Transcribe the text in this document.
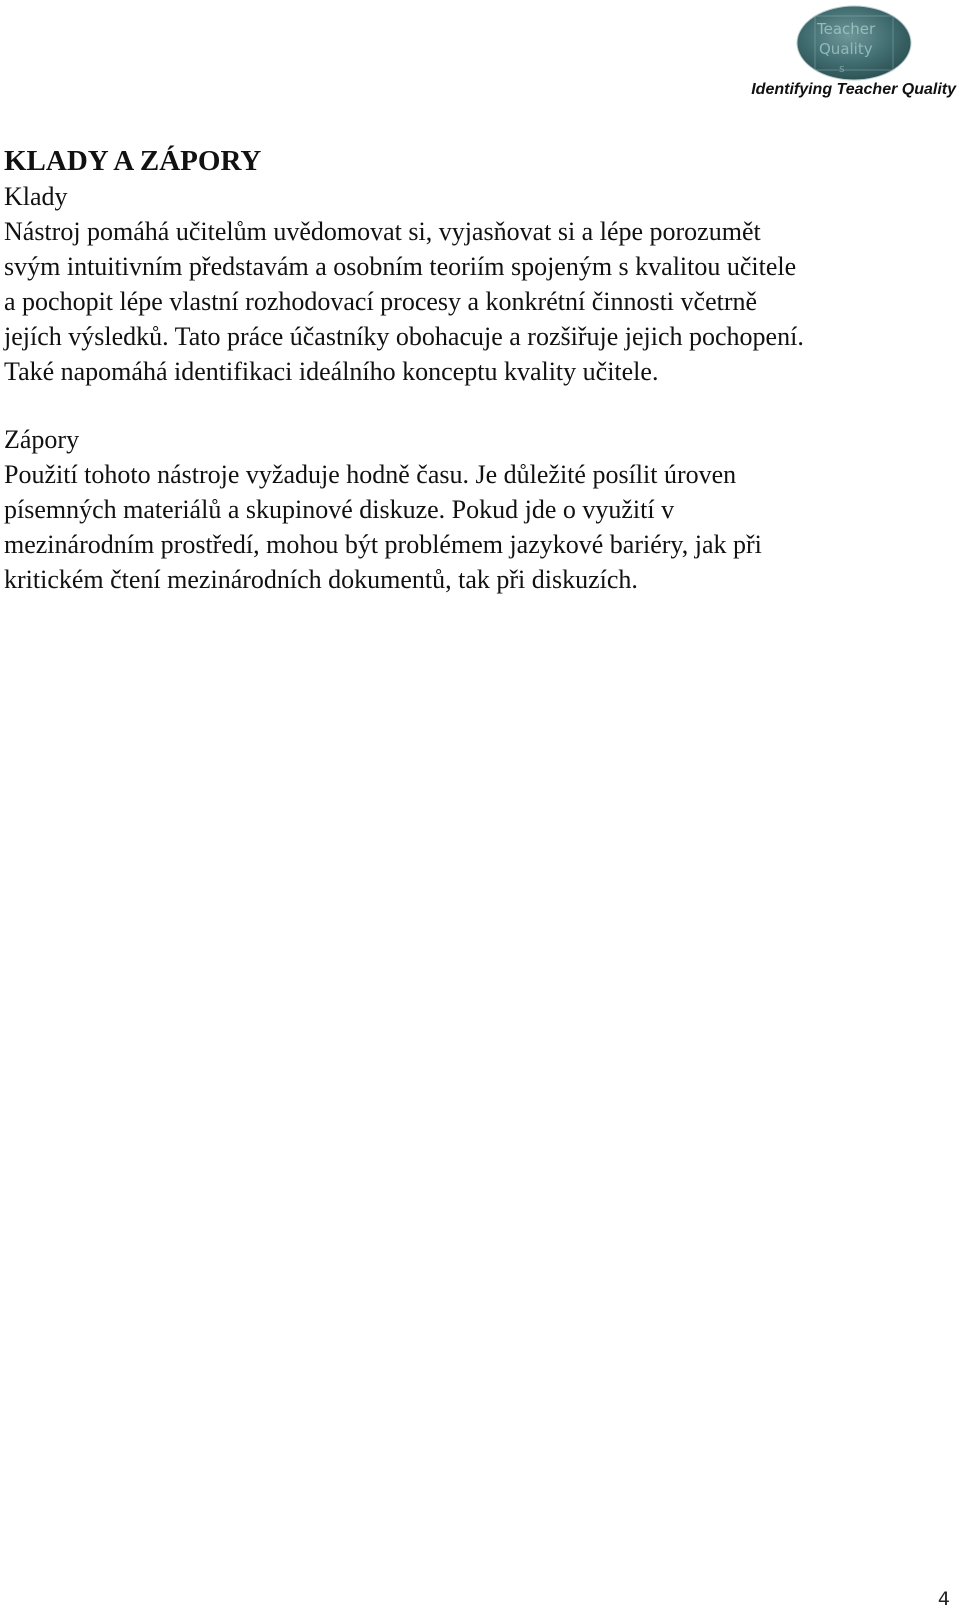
Teacher
Quality
s
Identifying Teacher Quality
KLADY A ZÁPORY
Klady
Nástroj pomáhá učitelům uvědomovat si, vyjasňovat si a lépe porozumět
svým intuitivním představám a osobním teoriím spojeným s kvalitou učitele
a pochopit lépe vlastní rozhodovací procesy a konkrétní činnosti včetrně
jejích výsledků. Tato práce účastníky obohacuje a rozšiřuje jejich pochopení.
Také napomáhá identifikaci ideálního konceptu kvality učitele.
Zápory
Použití tohoto nástroje vyžaduje hodně času. Je důležité posílit úroven
písemných materiálů a skupinové diskuze. Pokud jde o využití v
mezinárodním prostředí, mohou být problémem jazykové bariéry, jak při
kritickém čtení mezinárodních dokumentů, tak při diskuzích.
4
